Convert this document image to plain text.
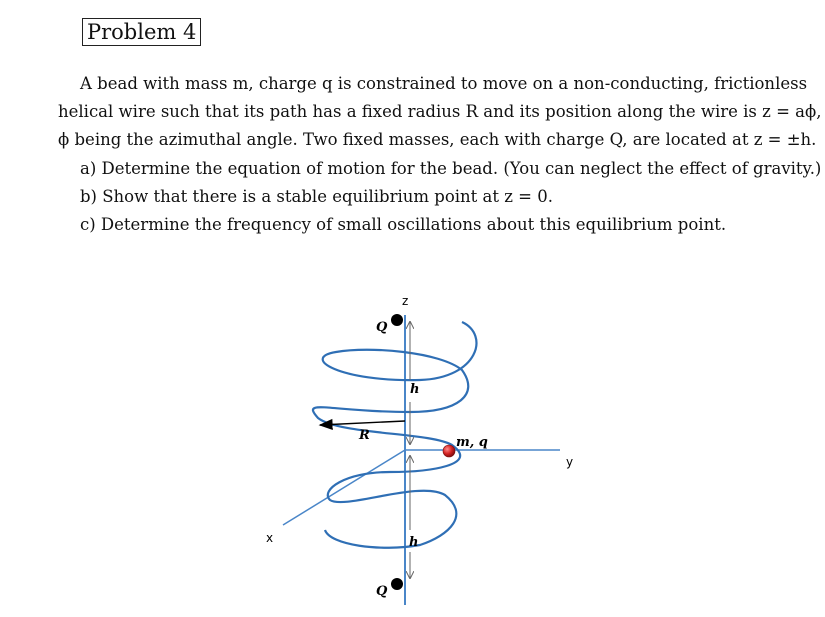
Problem 4
A bead with mass m, charge q is constrained to move on a non-conducting, frictionless
helical wire such that its path has a fixed radius R and its position along the wire is z = aϕ,
ϕ being the azimuthal angle. Two fixed masses, each with charge Q, are located at z = ±h.
a) Determine the equation of motion for the bead. (You can neglect the effect of gravity.)
b) Show that there is a stable equilibrium point at z = 0.
c) Determine the frequency of small oscillations about this equilibrium point.
z
y
x
Q
Q
R
h
h
m, q
